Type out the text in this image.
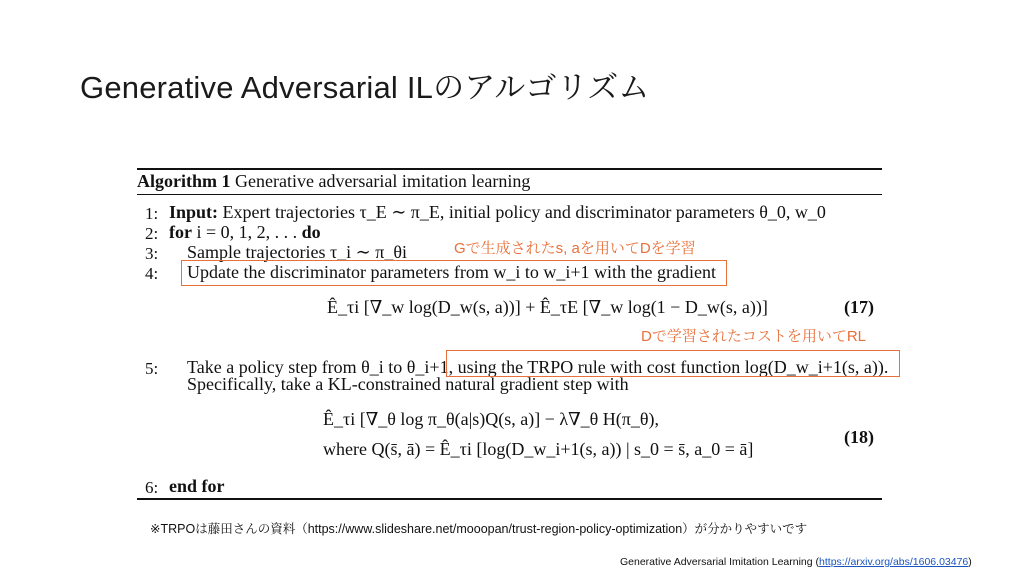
Generative Adversarial ILのアルゴリズム
Algorithm 1 Generative adversarial imitation learning
1: Input: Expert trajectories τ_E ∼ π_E, initial policy and discriminator parameters θ_0, w_0
2: for i = 0, 1, 2, . . . do
3: Sample trajectories τ_i ∼ π_θi
4: Update the discriminator parameters from w_i to w_i+1 with the gradient
Ê_τi [∇_w log(D_w(s, a))] + Ê_τE [∇_w log(1 − D_w(s, a))]	(17)
5: Take a policy step from θ_i to θ_i+1, using the TRPO rule with cost function log(D_w_i+1(s, a)).
Specifically, take a KL-constrained natural gradient step with
Ê_τi [∇_θ log π_θ(a|s)Q(s, a)] − λ∇_θ H(π_θ),
where Q(s̄, ā) = Ê_τi [log(D_w_i+1(s, a)) | s_0 = s̄, a_0 = ā]
(18)
6: end for
Gで生成されたs, aを用いてDを学習
Dで学習されたコストを用いてRL
※TRPOは藤田さんの資料（https://www.slideshare.net/mooopan/trust-region-policy-optimization）が分かりやすいです
Generative Adversarial Imitation Learning (https://arxiv.org/abs/1606.03476)
